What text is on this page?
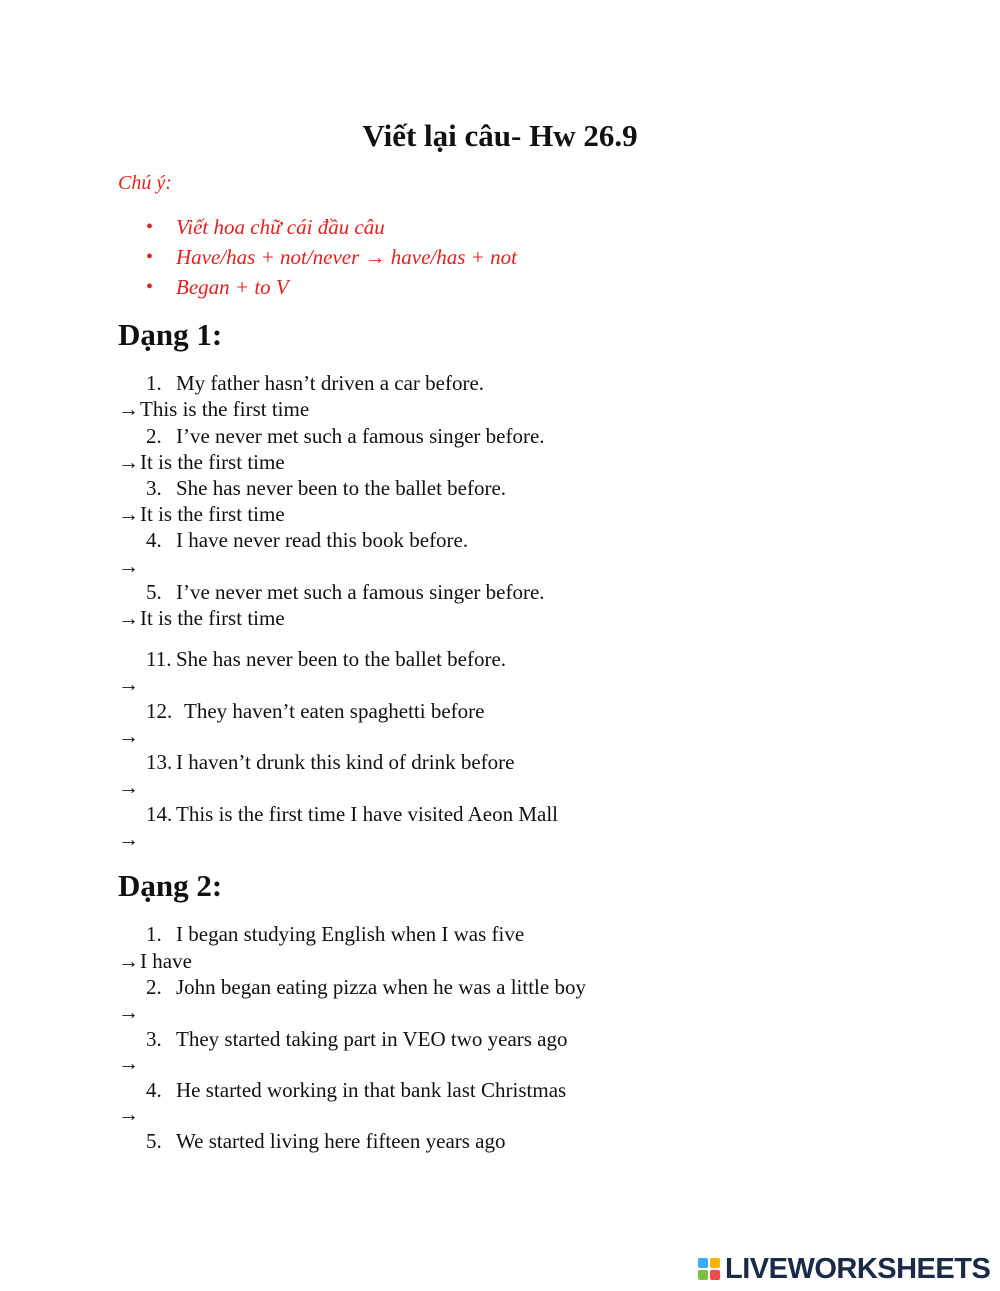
Viết lại câu- Hw 26.9
Chú ý:
• Viết hoa chữ cái đầu câu
• Have/has + not/never → have/has + not
• Began + to V
Dạng 1:
1. My father hasn’t driven a car before.
→This is the first time
2. I’ve never met such a famous singer before.
→It is the first time
3. She has never been to the ballet before.
→It is the first time
4. I have never read this book before.
→
5. I’ve never met such a famous singer before.
→It is the first time
11. She has never been to the ballet before.
→
12. They haven’t eaten spaghetti before
→
13. I haven’t drunk this kind of drink before
→
14. This is the first time I have visited Aeon Mall
→
Dạng 2:
1. I began studying English when I was five
→I have
2. John began eating pizza when he was a little boy
→
3. They started taking part in VEO two years ago
→
4. He started working in that bank last Christmas
→
5. We started living here fifteen years ago
LIVEWORKSHEETS
